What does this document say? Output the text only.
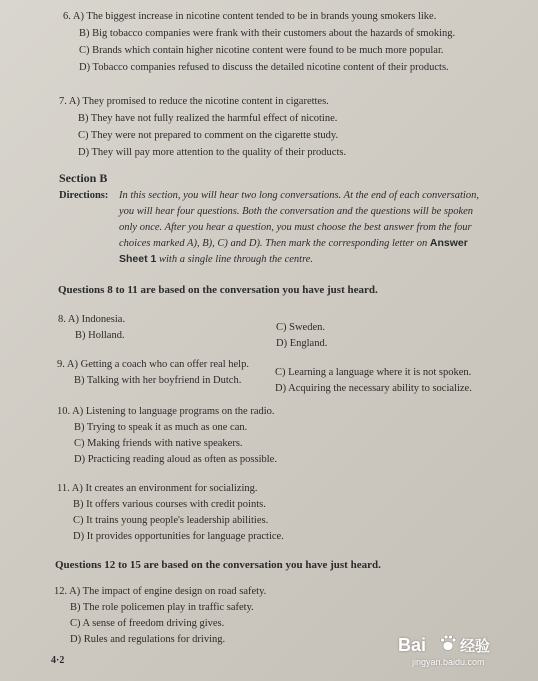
6. A) The biggest increase in nicotine content tended to be in brands young smokers like.
B) Big tobacco companies were frank with their customers about the hazards of smoking.
C) Brands which contain higher nicotine content were found to be much more popular.
D) Tobacco companies refused to discuss the detailed nicotine content of their products.
7. A) They promised to reduce the nicotine content in cigarettes.
B) They have not fully realized the harmful effect of nicotine.
C) They were not prepared to comment on the cigarette study.
D) They will pay more attention to the quality of their products.
Section B
Directions: In this section, you will hear two long conversations. At the end of each conversation,
you will hear four questions. Both the conversation and the questions will be spoken
only once. After you hear a question, you must choose the best answer from the four
choices marked A), B), C) and D). Then mark the corresponding letter on Answer
Sheet 1 with a single line through the centre.
Questions 8 to 11 are based on the conversation you have just heard.
8. A) Indonesia.
B) Holland.
C) Sweden.
D) England.
9. A) Getting a coach who can offer real help.
B) Talking with her boyfriend in Dutch.
C) Learning a language where it is not spoken.
D) Acquiring the necessary ability to socialize.
10. A) Listening to language programs on the radio.
B) Trying to speak it as much as one can.
C) Making friends with native speakers.
D) Practicing reading aloud as often as possible.
11. A) It creates an environment for socializing.
B) It offers various courses with credit points.
C) It trains young people's leadership abilities.
D) It provides opportunities for language practice.
Questions 12 to 15 are based on the conversation you have just heard.
12. A) The impact of engine design on road safety.
B) The role policemen play in traffic safety.
C) A sense of freedom driving gives.
D) Rules and regulations for driving.
4·2
Bai 经验
jingyan.baidu.com
